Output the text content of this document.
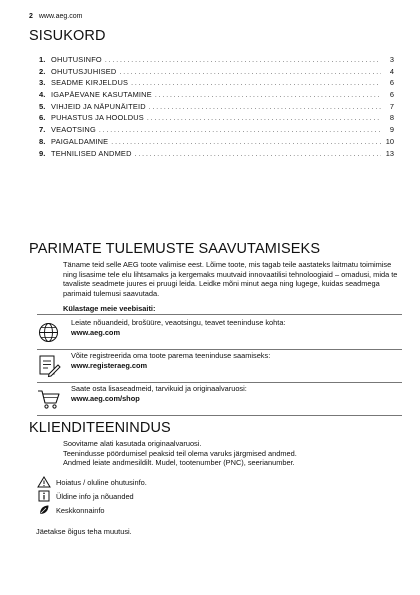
2 www.aeg.com
SISUKORD
1. OHUTUSINFO . . .	3
2. OHUTUSJUHISED . . .	4
3. SEADME KIRJELDUS . . .	6
4. IGAPÄEVANE KASUTAMINE . . .	6
5. VIHJEID JA NÄPUNÄITEID . . .	7
6. PUHASTUS JA HOOLDUS . . .	8
7. VEAOTSING . . .	9
8. PAIGALDAMINE . . .	10
9. TEHNILISED ANDMED . . .	13
PARIMATE TULEMUSTE SAAVUTAMISEKS

Täname teid selle AEG toote valimise eest. Lõime toote, mis tagab teile aastateks laitmatu toimimise ning lisasime tele elu lihtsamaks ja kergemaks muutvaid innovaatilisi tehnoloogiaid – omadusi, mida te tavaliste seadmete juures ei pruugi leida. Leidke mõni minut aega ning lugege, kuidas seadmega parimaid tulemusi saavutada.

Külastage meie veebisaiti:
Leiate nõuandeid, brošüüre, veaotsingu, teavet teeninduse kohta:
www.aeg.com
Võite registreerida oma toote parema teeninduse saamiseks:
www.registeraeg.com
Saate osta lisaseadmeid, tarvikuid ja originaalvaruosi:
www.aeg.com/shop
KLIENDITEENINDUS

Soovitame alati kasutada originaalvaruosi.
Teenindusse pöördumisel peaksid teil olema varuks järgmised andmed.
Andmed leiate andmesildilt. Mudel, tootenumber (PNC), seerianumber.

Hoiatus / oluline ohutusinfo.
Üldine info ja nõuanded
Keskkonnainfo
Jäetakse õigus teha muutusi.
